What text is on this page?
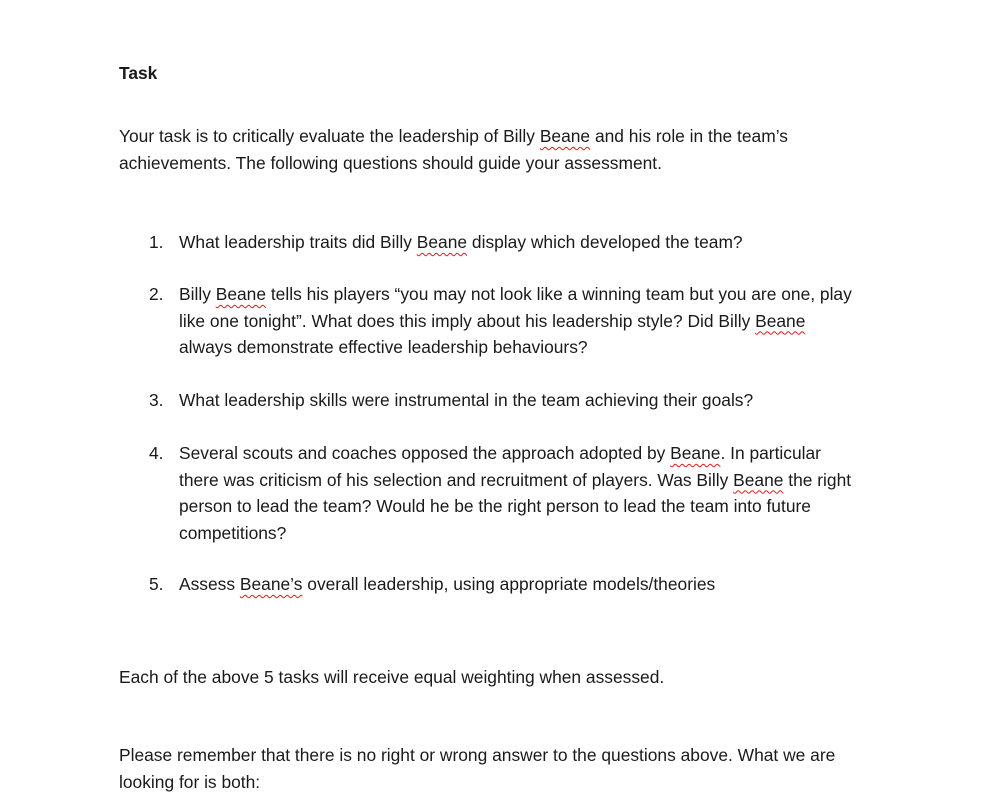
Task
Your task is to critically evaluate the leadership of Billy Beane and his role in the team’s achievements. The following questions should guide your assessment.
1. What leadership traits did Billy Beane display which developed the team?
2. Billy Beane tells his players “you may not look like a winning team but you are one, play like one tonight”. What does this imply about his leadership style? Did Billy Beane always demonstrate effective leadership behaviours?
3. What leadership skills were instrumental in the team achieving their goals?
4. Several scouts and coaches opposed the approach adopted by Beane. In particular there was criticism of his selection and recruitment of players. Was Billy Beane the right person to lead the team? Would he be the right person to lead the team into future competitions?
5. Assess Beane’s overall leadership, using appropriate models/theories
Each of the above 5 tasks will receive equal weighting when assessed.
Please remember that there is no right or wrong answer to the questions above. What we are looking for is both:
